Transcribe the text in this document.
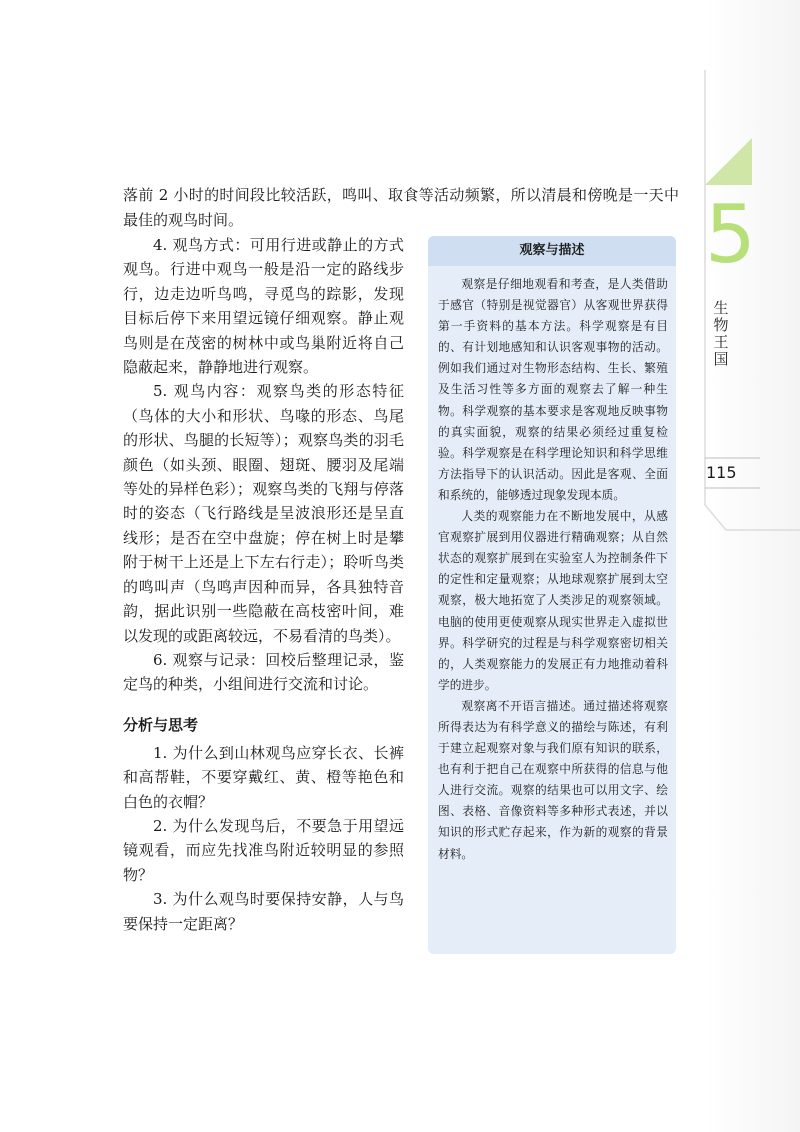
5
生
物
王
国
115

落前 2 小时的时间段比较活跃，鸣叫、取食等活动频繁，所以清晨和傍晚是一天中最佳的观鸟时间。

4. 观鸟方式：可用行进或静止的方式观鸟。行进中观鸟一般是沿一定的路线步行，边走边听鸟鸣，寻觅鸟的踪影，发现目标后停下来用望远镜仔细观察。静止观鸟则是在茂密的树林中或鸟巢附近将自己隐蔽起来，静静地进行观察。

5. 观鸟内容：观察鸟类的形态特征（鸟体的大小和形状、鸟喙的形态、鸟尾的形状、鸟腿的长短等）；观察鸟类的羽毛颜色（如头颈、眼圈、翅斑、腰羽及尾端等处的异样色彩）；观察鸟类的飞翔与停落时的姿态（飞行路线是呈波浪形还是呈直线形；是否在空中盘旋；停在树上时是攀附于树干上还是上下左右行走）；聆听鸟类的鸣叫声（鸟鸣声因种而异，各具独特音韵，据此识别一些隐蔽在高枝密叶间，难以发现的或距离较远，不易看清的鸟类）。

6. 观察与记录：回校后整理记录，鉴定鸟的种类，小组间进行交流和讨论。

分析与思考

1. 为什么到山林观鸟应穿长衣、长裤和高帮鞋，不要穿戴红、黄、橙等艳色和白色的衣帽？

2. 为什么发现鸟后，不要急于用望远镜观看，而应先找准鸟附近较明显的参照物？

3. 为什么观鸟时要保持安静，人与鸟要保持一定距离？

观察与描述

观察是仔细地观看和考查，是人类借助于感官（特别是视觉器官）从客观世界获得第一手资料的基本方法。科学观察是有目的、有计划地感知和认识客观事物的活动。例如我们通过对生物形态结构、生长、繁殖及生活习性等多方面的观察去了解一种生物。科学观察的基本要求是客观地反映事物的真实面貌，观察的结果必须经过重复检验。科学观察是在科学理论知识和科学思维方法指导下的认识活动。因此是客观、全面和系统的，能够透过现象发现本质。

人类的观察能力在不断地发展中，从感官观察扩展到用仪器进行精确观察；从自然状态的观察扩展到在实验室人为控制条件下的定性和定量观察；从地球观察扩展到太空观察，极大地拓宽了人类涉足的观察领域。电脑的使用更使观察从现实世界走入虚拟世界。科学研究的过程是与科学观察密切相关的，人类观察能力的发展正有力地推动着科学的进步。

观察离不开语言描述。通过描述将观察所得表达为有科学意义的描绘与陈述，有利于建立起观察对象与我们原有知识的联系，也有利于把自己在观察中所获得的信息与他人进行交流。观察的结果也可以用文字、绘图、表格、音像资料等多种形式表述，并以知识的形式贮存起来，作为新的观察的背景材料。
